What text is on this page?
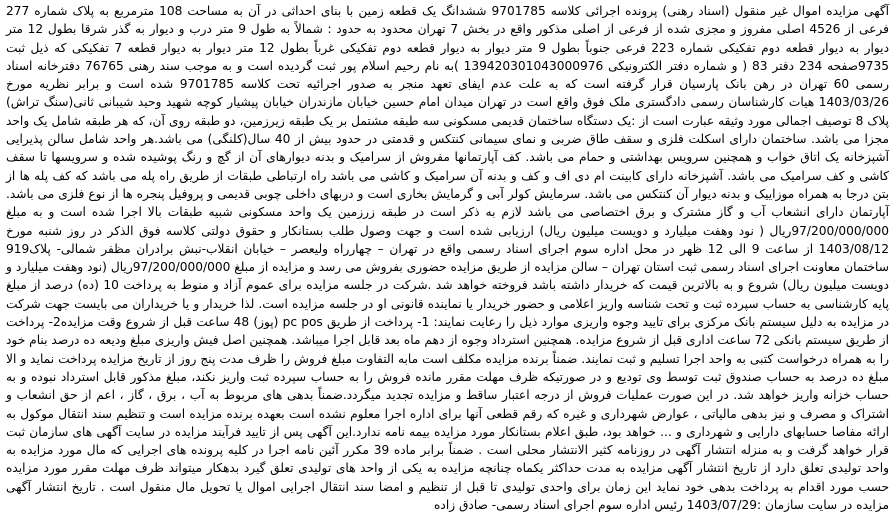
آگهی مزایده اموال غیر منقول (اسناد رهنی) پرونده اجرائی کلاسه 9701785 ششدانگ یک قطعه زمین با بنای احداثی در آن به مساحت 108 مترمربع به پلاک شماره 277 فرعی از 4526 اصلی مفروز و مجزی شده از فرعی از اصلی مذکور واقع در بخش 7 تهران محدود به حدود : شمالاً به طول 9 متر درب و دیوار به گذر شرقا بطول 12 متر دیوار به دیوار قطعه دوم تفکیکی شماره 223 فرعی جنوباً بطول 9 متر دیوار به دیوار قطعه دوم تفکیکی غرباً بطول 12 متر دیوار به دیوار قطعه 7 تفکیکی که ذیل ثبت 9735صفحه 234 دفتر 83 ( و شماره دفتر الکترونیکی 139420301043000976 )به نام رحیم اسلام پور ثبت گردیده است و به موجب سند رهنی 76765 دفترخانه اسناد رسمی 60 تهران در رهن بانک پارسیان قرار گرفته است که به علت عدم ایفای تعهد منجر به صدور اجرائیه تحت کلاسه 9701785 شده است و برابر نظریه مورخ 1403/03/26 هیات کارشناسان رسمی دادگستری ملک فوق واقع است در تهران میدان امام حسین خیابان مازندران خیابان پیشیار کوچه شهید وحید شیبانی ثانی(سنگ تراش) پلاک 8 توصیف اجمالی مورد وثیقه عبارت است از :یک دستگاه ساختمان قدیمی مسکونی سه طبقه مشتمل بر یک طبقه زیرزمین، دو طبقه روی آن، که هر طبقه شامل یک واحد مجزا می باشد. ساختمان دارای اسکلت فلزی و سقف طاق ضربی و نمای سیمانی کنتکس و قدمتی در حدود بیش از 40 سال(کلنگی) می باشد.هر واحد شامل سالن پذیرایی آشپزخانه یک اتاق خواب و همچنین سرویس بهداشتی و حمام می باشد. کف آپارتمانها مفروش از سرامیک و بدنه دیوارهای آن از گچ و رنگ پوشیده شده و سرویسها تا سقف کاشی و کف سرامیک می باشد. آشپزخانه دارای کابینت ام دی اف و کف و بدنه آن سرامیک و کاشی می باشد راه ارتباطی طبقات از طریق راه پله می باشد که کف پله ها از بتن درجا به همراه موزاییک و بدنه دیوار آن کنتکس می باشد. سرمایش کولر آبی و گرمایش بخاری است و دربهای داخلی چوبی قدیمی و پروفیل پنجره ها از نوع فلزی می باشد. آپارتمان دارای انشعاب آب و گاز مشترک و برق اختصاصی می باشد لازم به ذکر است در طبقه زرزمین یک واحد مسکونی شبیه طبقات بالا اجرا شده است و به مبلغ 97/200/000/000ریال ( نود وهفت میلیارد و دویست میلیون ریال) ارزیابی شده است و جهت وصول طلب بستانکار و حقوق دولتی کلاسه فوق الذکر در روز شنبه مورخ 1403/08/12 از ساعت 9 الی 12 ظهر در محل اداره سوم اجرای اسناد رسمی واقع در تهران – چهارراه ولیعصر – خیابان انقلاب-نبش برادران مظفر شمالی- پلاک919 ساختمان معاونت اجرای اسناد رسمی ثبت استان تهران – سالن مزایده از طریق مزایده حضوری بفروش می رسد و مزایده از مبلغ 97/200/000/000ریال (نود وهفت میلیارد و دویست میلیون ریال) شروع و به بالاترین قیمت که خریدار داشته باشد فروخته خواهد شد .شرکت در جلسه مزایده برای عموم آزاد و منوط به پرداخت 10 (ده) درصد از مبلغ پایه کارشناسی به حساب سپرده ثبت و تحت شناسه واریز اعلامی و حضور خریدار یا نماینده قانونی او در جلسه مزایده است. لذا خریدار و یا خریداران می بایست جهت شرکت در مزایده به دلیل سیستم بانک مرکزی برای تایید وجوه واریزی موارد ذیل را رعایت نمایند: 1- پرداخت از طریق pc pos (پوز) 48 ساعت قبل از شروع وقت مزایده2- پرداخت از طریق سیستم بانکی 72 ساعت اداری قبل از شروع مزایده. همچنین استرداد وجوه از دهم ماه بعد قابل اجرا میباشد. همچنین اصل فیش واریزی مبلغ ودیعه ده درصد بنام خود را به همراه درخواست کتبی به واحد اجرا تسلیم و ثبت نمایند. ضمناً برنده مزایده مکلف است مابه التفاوت مبلغ فروش را ظرف مدت پنج روز از تاریخ مزایده پرداخت نماید و الا مبلغ ده درصد به حساب صندوق ثبت توسط وی تودیع و در صورتیکه ظرف مهلت مقرر مانده فروش را به حساب سپرده ثبت واریز نکند، مبلغ مذکور قابل استرداد نبوده و به حساب خزانه واریز خواهد شد. در این صورت عملیات فروش از درجه اعتبار ساقط و مزایده تجدید میگردد.ضمناً بدهی های مربوط به آب ، برق ، گاز ، اعم از حق انشعاب و اشتراک و مصرف و نیز بدهی مالیاتی ، عوارض شهرداری و غیره که رقم قطعی آنها برای اداره اجرا معلوم نشده است بعهده برنده مزایده است و تنظیم سند انتقال موکول به ارائه مفاصا حسابهای دارایی و شهرداری و ... خواهد بود، طبق اعلام بستانکار مورد مزایده بیمه نامه ندارد.این آگهی پس از تایید فرآیند مزایده در سایت آگهی های سازمان ثبت قرار خواهد گرفت و به منزله انتشار آگهی در روزنامه کثیر الانتشار محلی است . ضمناً برابر ماده 39 مکرر آئین نامه اجرا در کلیه پرونده های اجرایی که مال مورد مزایده به واحد تولیدی تعلق دارد از تاریخ انتشار آگهی مزایده به مدت حداکثر یکماه چنانچه مزایده به یکی از واحد های تولیدی تعلق گیرد بدهکار میتواند ظرف مهلت مقرر مورد مزایده حسب مورد اقدام به پرداخت بدهی خود نماید این زمان برای واحدی تولیدی تا قبل از تنظیم و امضا سند انتقال اجرایی اموال یا تحویل مال منقول است . تاریخ انتشار آگهی مزایده در سایت سازمان :1403/07/29 رئیس اداره سوم اجرای اسناد رسمی- صادق زاده
